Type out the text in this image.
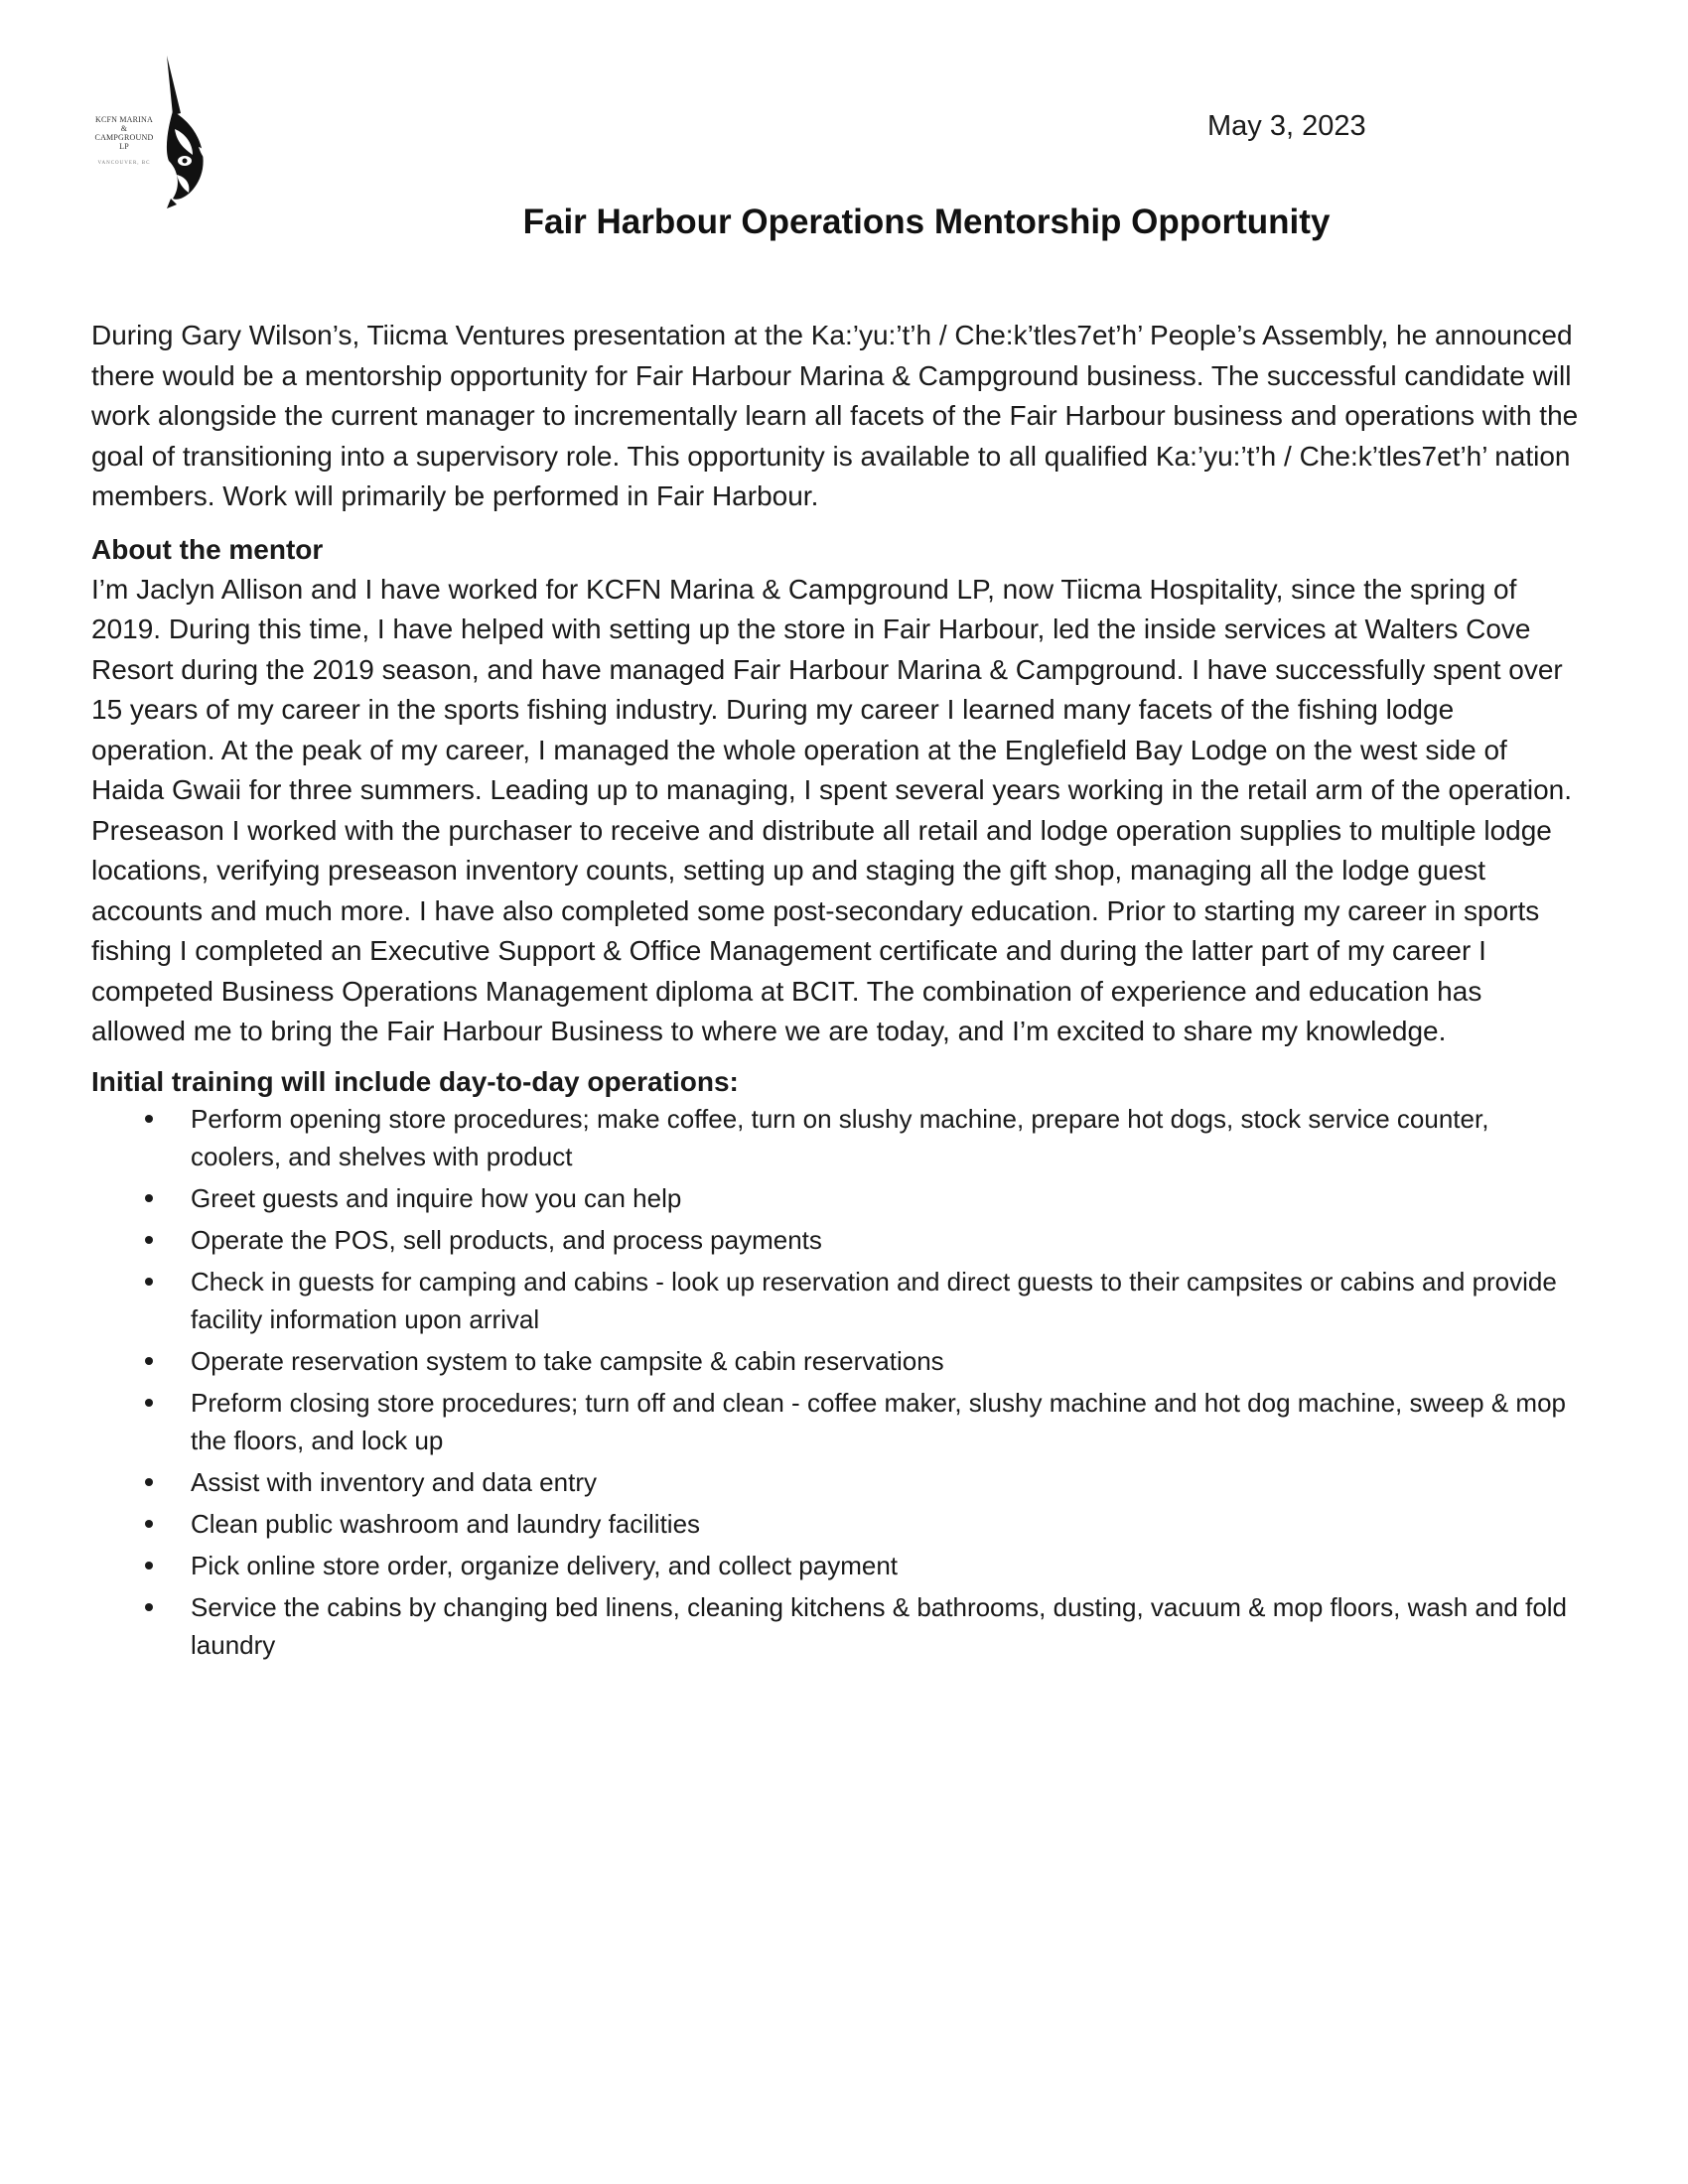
KCFN MARINA
&
CAMPGROUND
LP
VANCOUVER, BC
May 3, 2023
Fair Harbour Operations Mentorship Opportunity

During Gary Wilson’s, Tiicma Ventures presentation at the Ka:’yu:’t’h / Che:k’tles7et’h’ People’s Assembly, he announced there would be a mentorship opportunity for Fair Harbour Marina & Campground business. The successful candidate will work alongside the current manager to incrementally learn all facets of the Fair Harbour business and operations with the goal of transitioning into a supervisory role. This opportunity is available to all qualified Ka:’yu:’t’h / Che:k’tles7et’h’ nation members. Work will primarily be performed in Fair Harbour.

About the mentor

I’m Jaclyn Allison and I have worked for KCFN Marina & Campground LP, now Tiicma Hospitality, since the spring of 2019. During this time, I have helped with setting up the store in Fair Harbour, led the inside services at Walters Cove Resort during the 2019 season, and have managed Fair Harbour Marina & Campground. I have successfully spent over 15 years of my career in the sports fishing industry. During my career I learned many facets of the fishing lodge operation. At the peak of my career, I managed the whole operation at the Englefield Bay Lodge on the west side of Haida Gwaii for three summers. Leading up to managing, I spent several years working in the retail arm of the operation. Preseason I worked with the purchaser to receive and distribute all retail and lodge operation supplies to multiple lodge locations, verifying preseason inventory counts, setting up and staging the gift shop, managing all the lodge guest accounts and much more. I have also completed some post-secondary education. Prior to starting my career in sports fishing I completed an Executive Support & Office Management certificate and during the latter part of my career I competed Business Operations Management diploma at BCIT. The combination of experience and education has allowed me to bring the Fair Harbour Business to where we are today, and I’m excited to share my knowledge.

Initial training will include day-to-day operations:

Perform opening store procedures; make coffee, turn on slushy machine, prepare hot dogs, stock service counter, coolers, and shelves with product
Greet guests and inquire how you can help
Operate the POS, sell products, and process payments
Check in guests for camping and cabins - look up reservation and direct guests to their campsites or cabins and provide facility information upon arrival
Operate reservation system to take campsite & cabin reservations
Preform closing store procedures; turn off and clean - coffee maker, slushy machine and hot dog machine, sweep & mop the floors, and lock up
Assist with inventory and data entry
Clean public washroom and laundry facilities
Pick online store order, organize delivery, and collect payment
Service the cabins by changing bed linens, cleaning kitchens & bathrooms, dusting, vacuum & mop floors, wash and fold laundry
